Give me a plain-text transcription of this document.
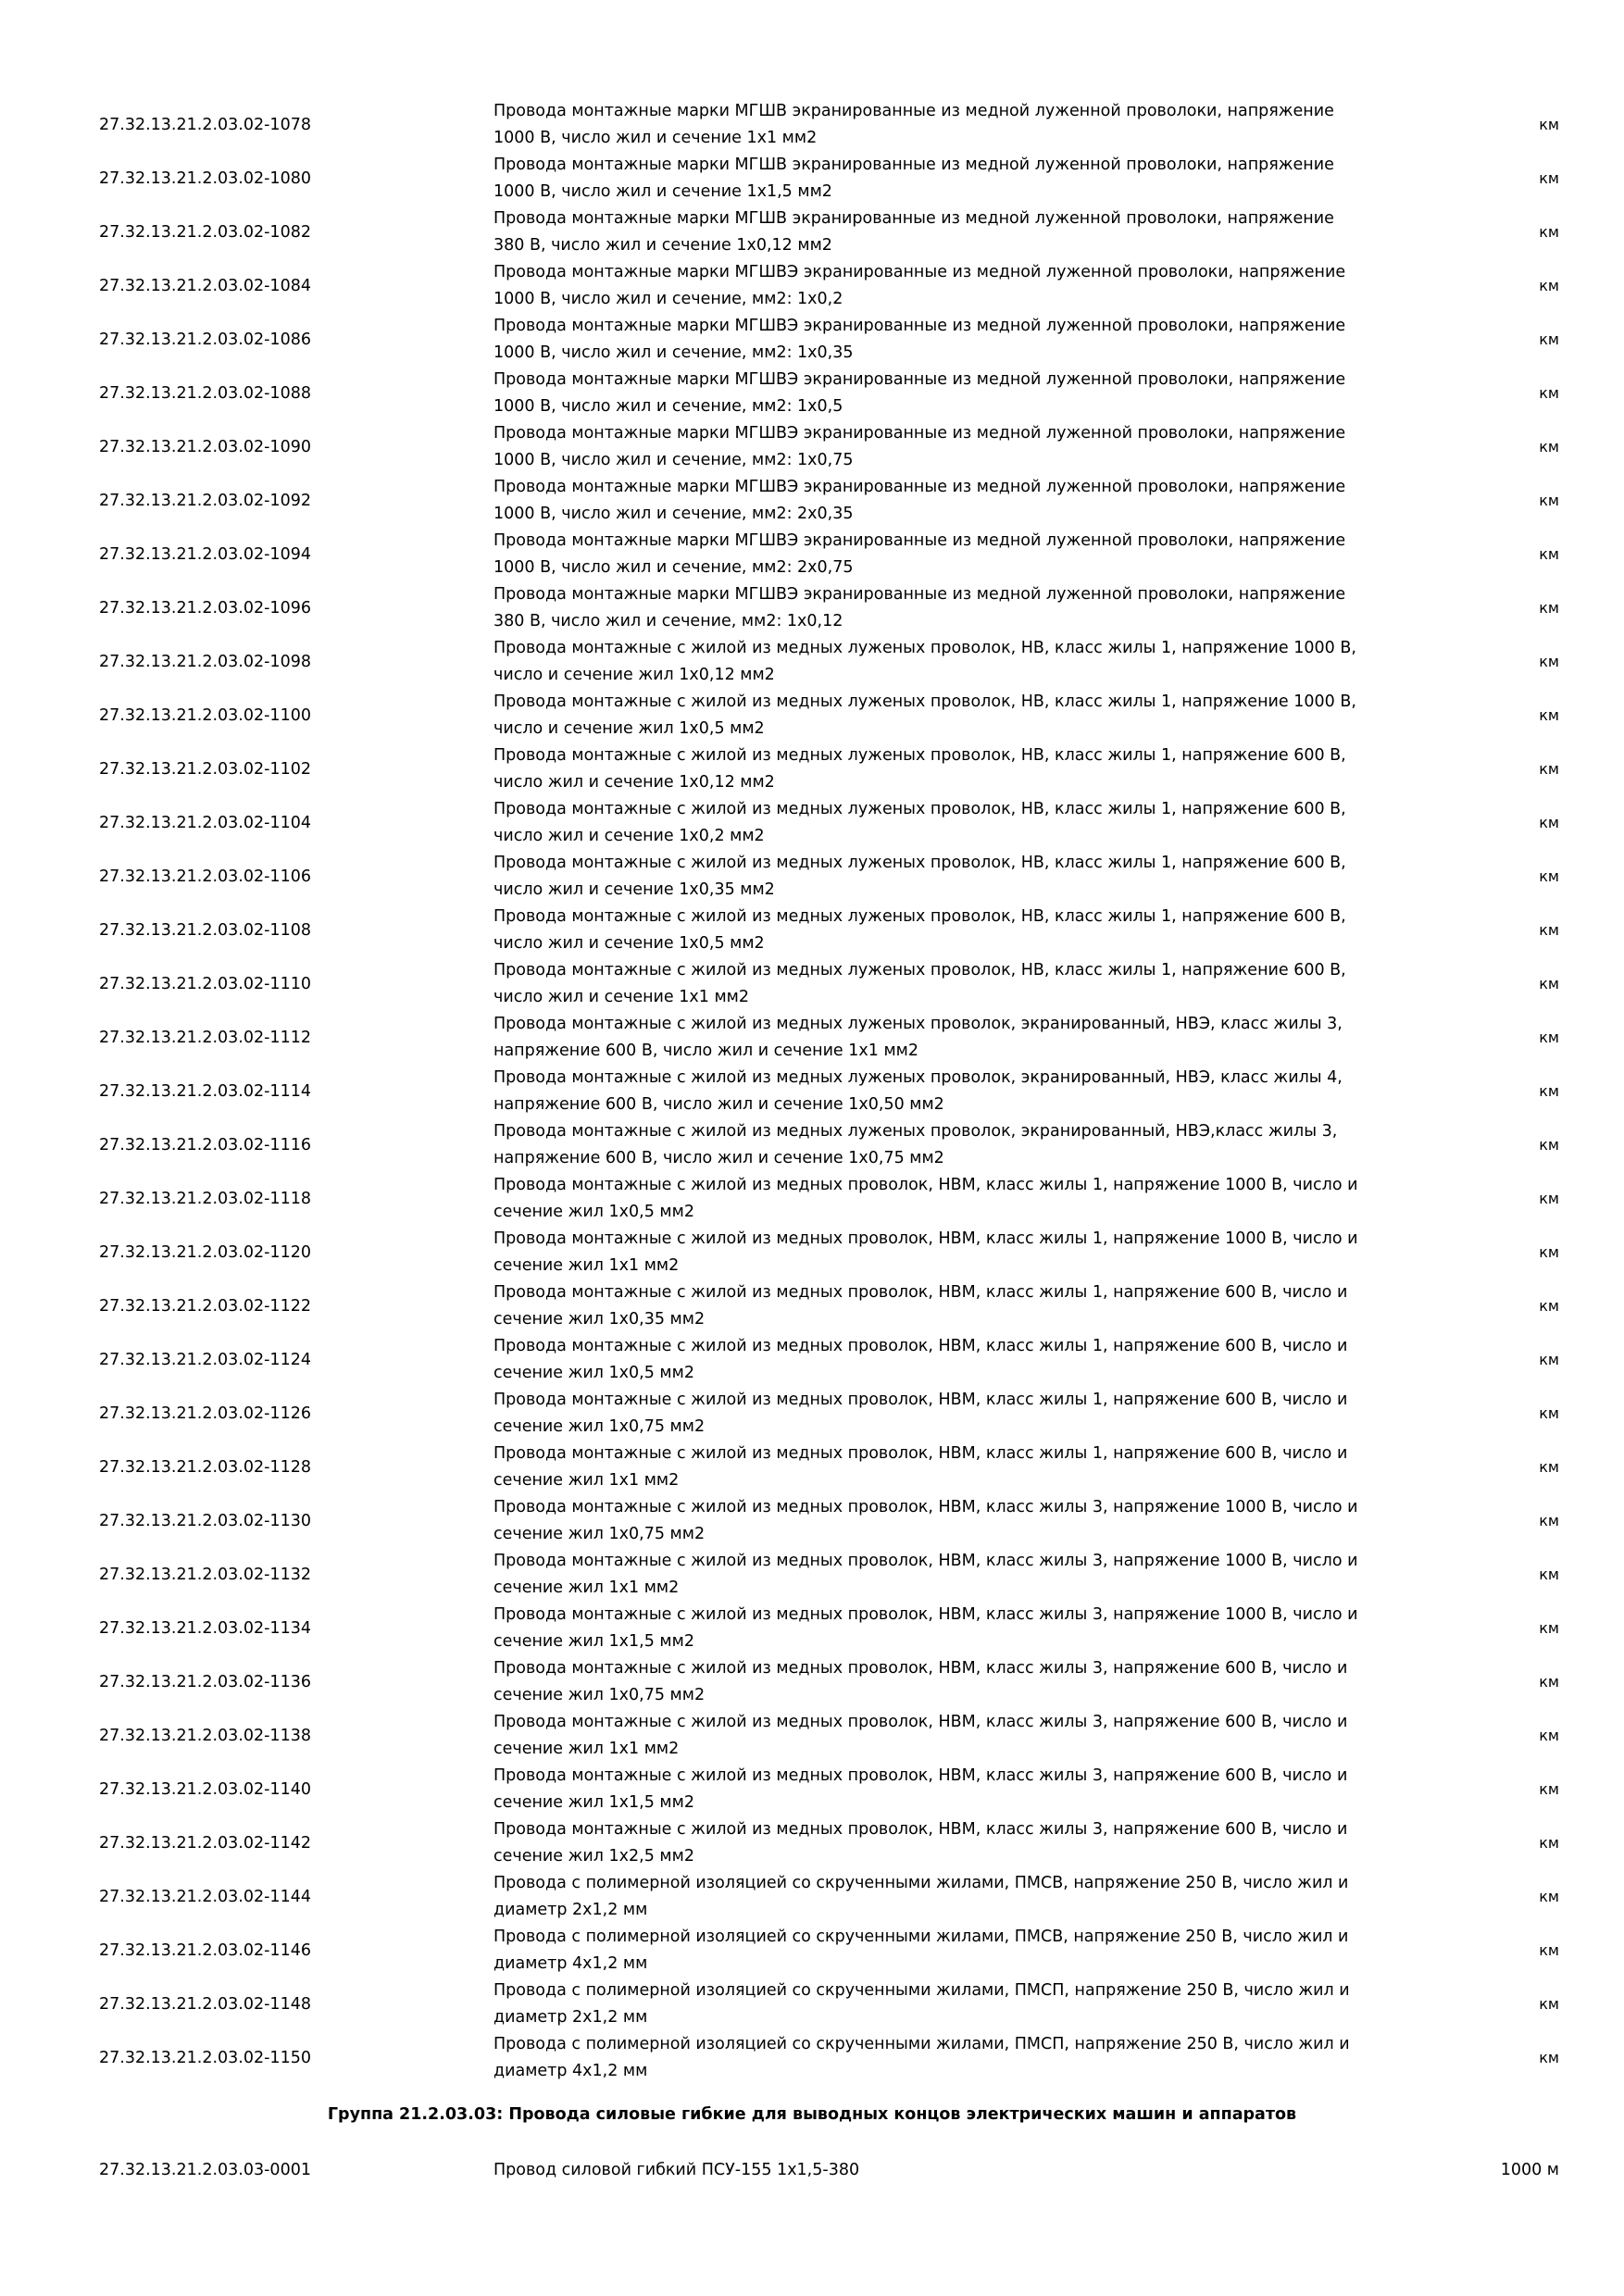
27.32.13.21.2.03.02-1078
Провода монтажные марки МГШВ экранированные из медной луженной проволоки, напряжение
1000 В, число жил и сечение 1х1 мм2
км
27.32.13.21.2.03.02-1080
Провода монтажные марки МГШВ экранированные из медной луженной проволоки, напряжение
1000 В, число жил и сечение 1х1,5 мм2
км
27.32.13.21.2.03.02-1082
Провода монтажные марки МГШВ экранированные из медной луженной проволоки, напряжение
380 В, число жил и сечение 1х0,12 мм2
км
27.32.13.21.2.03.02-1084
Провода монтажные марки МГШВЭ экранированные из медной луженной проволоки, напряжение
1000 В, число жил и сечение, мм2: 1х0,2
км
27.32.13.21.2.03.02-1086
Провода монтажные марки МГШВЭ экранированные из медной луженной проволоки, напряжение
1000 В, число жил и сечение, мм2: 1х0,35
км
27.32.13.21.2.03.02-1088
Провода монтажные марки МГШВЭ экранированные из медной луженной проволоки, напряжение
1000 В, число жил и сечение, мм2: 1х0,5
км
27.32.13.21.2.03.02-1090
Провода монтажные марки МГШВЭ экранированные из медной луженной проволоки, напряжение
1000 В, число жил и сечение, мм2: 1х0,75
км
27.32.13.21.2.03.02-1092
Провода монтажные марки МГШВЭ экранированные из медной луженной проволоки, напряжение
1000 В, число жил и сечение, мм2: 2х0,35
км
27.32.13.21.2.03.02-1094
Провода монтажные марки МГШВЭ экранированные из медной луженной проволоки, напряжение
1000 В, число жил и сечение, мм2: 2х0,75
км
27.32.13.21.2.03.02-1096
Провода монтажные марки МГШВЭ экранированные из медной луженной проволоки, напряжение
380 В, число жил и сечение, мм2: 1х0,12
км
27.32.13.21.2.03.02-1098
Провода монтажные с жилой из медных луженых проволок, НВ, класс жилы 1, напряжение 1000 В,
число и сечение жил 1х0,12 мм2
км
27.32.13.21.2.03.02-1100
Провода монтажные с жилой из медных луженых проволок, НВ, класс жилы 1, напряжение 1000 В,
число и сечение жил 1х0,5 мм2
км
27.32.13.21.2.03.02-1102
Провода монтажные с жилой из медных луженых проволок, НВ, класс жилы 1, напряжение 600 В,
число жил и сечение 1х0,12 мм2
км
27.32.13.21.2.03.02-1104
Провода монтажные с жилой из медных луженых проволок, НВ, класс жилы 1, напряжение 600 В,
число жил и сечение 1х0,2 мм2
км
27.32.13.21.2.03.02-1106
Провода монтажные с жилой из медных луженых проволок, НВ, класс жилы 1, напряжение 600 В,
число жил и сечение 1х0,35 мм2
км
27.32.13.21.2.03.02-1108
Провода монтажные с жилой из медных луженых проволок, НВ, класс жилы 1, напряжение 600 В,
число жил и сечение 1х0,5 мм2
км
27.32.13.21.2.03.02-1110
Провода монтажные с жилой из медных луженых проволок, НВ, класс жилы 1, напряжение 600 В,
число жил и сечение 1х1 мм2
км
27.32.13.21.2.03.02-1112
Провода монтажные с жилой из медных луженых проволок, экранированный, НВЭ, класс жилы 3,
напряжение 600 В, число жил и сечение 1х1 мм2
км
27.32.13.21.2.03.02-1114
Провода монтажные с жилой из медных луженых проволок, экранированный, НВЭ, класс жилы 4,
напряжение 600 В, число жил и сечение 1х0,50 мм2
км
27.32.13.21.2.03.02-1116
Провода монтажные с жилой из медных луженых проволок, экранированный, НВЭ,класс жилы 3,
напряжение 600 В, число жил и сечение 1х0,75 мм2
км
27.32.13.21.2.03.02-1118
Провода монтажные с жилой из медных проволок, НВМ, класс жилы 1, напряжение 1000 В, число и
сечение жил 1х0,5 мм2
км
27.32.13.21.2.03.02-1120
Провода монтажные с жилой из медных проволок, НВМ, класс жилы 1, напряжение 1000 В, число и
сечение жил 1х1 мм2
км
27.32.13.21.2.03.02-1122
Провода монтажные с жилой из медных проволок, НВМ, класс жилы 1, напряжение 600 В, число и
сечение жил 1х0,35 мм2
км
27.32.13.21.2.03.02-1124
Провода монтажные с жилой из медных проволок, НВМ, класс жилы 1, напряжение 600 В, число и
сечение жил 1х0,5 мм2
км
27.32.13.21.2.03.02-1126
Провода монтажные с жилой из медных проволок, НВМ, класс жилы 1, напряжение 600 В, число и
сечение жил 1х0,75 мм2
км
27.32.13.21.2.03.02-1128
Провода монтажные с жилой из медных проволок, НВМ, класс жилы 1, напряжение 600 В, число и
сечение жил 1х1 мм2
км
27.32.13.21.2.03.02-1130
Провода монтажные с жилой из медных проволок, НВМ, класс жилы 3, напряжение 1000 В, число и
сечение жил 1х0,75 мм2
км
27.32.13.21.2.03.02-1132
Провода монтажные с жилой из медных проволок, НВМ, класс жилы 3, напряжение 1000 В, число и
сечение жил 1х1 мм2
км
27.32.13.21.2.03.02-1134
Провода монтажные с жилой из медных проволок, НВМ, класс жилы 3, напряжение 1000 В, число и
сечение жил 1х1,5 мм2
км
27.32.13.21.2.03.02-1136
Провода монтажные с жилой из медных проволок, НВМ, класс жилы 3, напряжение 600 В, число и
сечение жил 1х0,75 мм2
км
27.32.13.21.2.03.02-1138
Провода монтажные с жилой из медных проволок, НВМ, класс жилы 3, напряжение 600 В, число и
сечение жил 1х1 мм2
км
27.32.13.21.2.03.02-1140
Провода монтажные с жилой из медных проволок, НВМ, класс жилы 3, напряжение 600 В, число и
сечение жил 1х1,5 мм2
км
27.32.13.21.2.03.02-1142
Провода монтажные с жилой из медных проволок, НВМ, класс жилы 3, напряжение 600 В, число и
сечение жил 1х2,5 мм2
км
27.32.13.21.2.03.02-1144
Провода с полимерной изоляцией со скрученными жилами, ПМСВ, напряжение 250 В, число жил и
диаметр 2х1,2 мм
км
27.32.13.21.2.03.02-1146
Провода с полимерной изоляцией со скрученными жилами, ПМСВ, напряжение 250 В, число жил и
диаметр 4х1,2 мм
км
27.32.13.21.2.03.02-1148
Провода с полимерной изоляцией со скрученными жилами, ПМСП, напряжение 250 В, число жил и
диаметр 2х1,2 мм
км
27.32.13.21.2.03.02-1150
Провода с полимерной изоляцией со скрученными жилами, ПМСП, напряжение 250 В, число жил и
диаметр 4х1,2 мм
км
Группа 21.2.03.03: Провода силовые гибкие для выводных концов электрических машин и аппаратов
27.32.13.21.2.03.03-0001	Провод силовой гибкий ПСУ-155 1х1,5-380	1000 м
